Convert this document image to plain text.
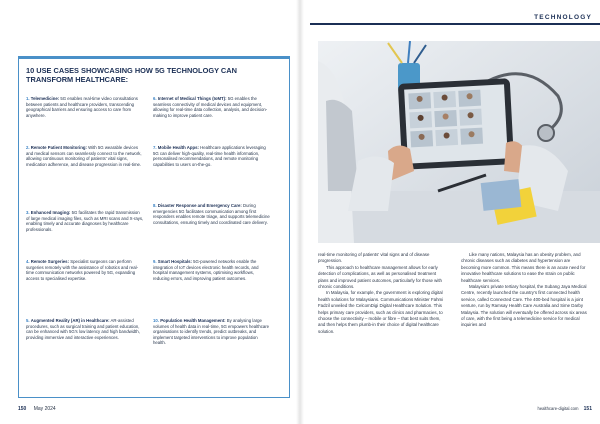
10 USE CASES SHOWCASING HOW 5G TECHNOLOGY CAN TRANSFORM HEALTHCARE:
1. Telemedicine: 5G enables real-time video consultations between patients and healthcare providers, transcending geographical barriers and ensuring access to care from anywhere.
2. Remote Patient Monitoring: With 5G wearable devices and medical sensors can seamlessly connect to the network, allowing continuous monitoring of patients' vital signs, medication adherence, and disease progression in real-time.
3. Enhanced Imaging: 5G facilitates the rapid transmission of large medical imaging files, such as MRI scans and X-rays, enabling timely and accurate diagnoses by healthcare professionals.
4. Remote Surgeries: Specialist surgeons can perform surgeries remotely with the assistance of robotics and real-time communication networks powered by 5G, expanding access to specialised expertise.
5. Augmented Reality (AR) in Healthcare: AR-assisted procedures, such as surgical training and patient education, can be enhanced with 5G's low latency and high bandwidth, providing immersive and interactive experiences.
6. Internet of Medical Things (IoMT): 5G enables the seamless connectivity of medical devices and equipment, allowing for real-time data collection, analysis, and decision-making to improve patient care.
7. Mobile Health Apps: Healthcare applications leveraging 5G can deliver high-quality, real-time health information, personalised recommendations, and remote monitoring capabilities to users on-the-go.
8. Disaster Response and Emergency Care: During emergencies 5G facilitates communication among first responders enables remote triage, and supports telemedicine consultations, ensuring timely and coordinated care delivery.
9. Smart Hospitals: 5G-powered networks enable the integration of IoT devices electronic health records, and hospital management systems, optimising workflows, reducing errors, and improving patient outcomes.
10. Population Health Management: By analysing large volumes of health data in real-time, 5G empowers healthcare organisations to identify trends, predict outbreaks, and implement targeted interventions to improve population health.
150 May 2024
TECHNOLOGY

real-time monitoring of patients' vital signs and of disease progression.

This approach to healthcare management allows for early detection of complications, as well as personalised treatment plans and improved patient outcomes, particularly for those with chronic conditions.

In Malaysia, for example, the government is exploring digital health solutions for Malaysians. Communications Minister Fahmi Fadzil unveiled the CelcomDigi Digital Healthcare Solution. This helps primary care providers, such as clinics and pharmacies, to choose the connectivity – mobile or fibre – that best suits them, and then helps them plumb-in their choice of digital healthcare solution.

Like many nations, Malaysia has an obesity problem, and chronic diseases such as diabetes and hypertension are becoming more common. This means there is an acute need for innovative healthcare solutions to ease the strain on public healthcare services.

Malaysia's private tertiary hospital, the Subang Jaya Medical Centre, recently launched the country's first connected health service, called Connected Care. The 400-bed hospital is a joint venture, run by Ramsay Health Care Australia and Sime Darby Malaysia. The solution will eventually be offered across six areas of care, with the first being a telemedicine service for medical inquiries and

healthcare-digital.com 151
